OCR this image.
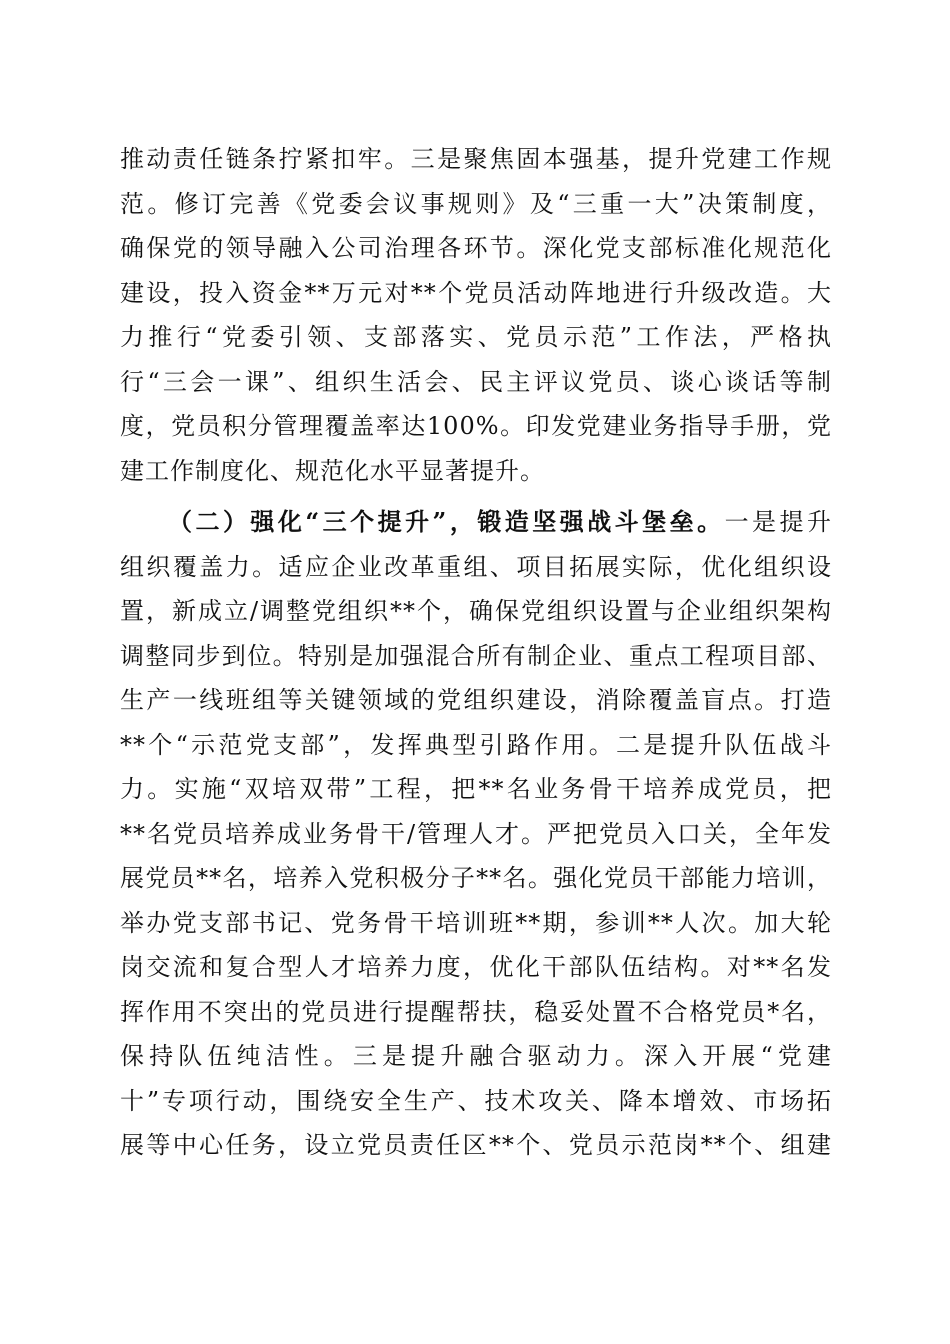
推动责任链条拧紧扣牢。三是聚焦固本强基，提升党建工作规
范。修订完善《党委会议事规则》及“三重一大”决策制度，
确保党的领导融入公司治理各环节。深化党支部标准化规范化
建设，投入资金**万元对**个党员活动阵地进行升级改造。大
力推行“党委引领、支部落实、党员示范”工作法，严格执
行“三会一课”、组织生活会、民主评议党员、谈心谈话等制
度，党员积分管理覆盖率达100%。印发党建业务指导手册，党
建工作制度化、规范化水平显著提升。
（二）强化“三个提升”，锻造坚强战斗堡垒。一是提升
组织覆盖力。适应企业改革重组、项目拓展实际，优化组织设
置，新成立/调整党组织**个，确保党组织设置与企业组织架构
调整同步到位。特别是加强混合所有制企业、重点工程项目部、
生产一线班组等关键领域的党组织建设，消除覆盖盲点。打造
**个“示范党支部”，发挥典型引路作用。二是提升队伍战斗
力。实施“双培双带”工程，把**名业务骨干培养成党员，把
**名党员培养成业务骨干/管理人才。严把党员入口关，全年发
展党员**名，培养入党积极分子**名。强化党员干部能力培训，
举办党支部书记、党务骨干培训班**期，参训**人次。加大轮
岗交流和复合型人才培养力度，优化干部队伍结构。对**名发
挥作用不突出的党员进行提醒帮扶，稳妥处置不合格党员*名，
保持队伍纯洁性。三是提升融合驱动力。深入开展“党建
十”专项行动，围绕安全生产、技术攻关、降本增效、市场拓
展等中心任务，设立党员责任区**个、党员示范岗**个、组建
